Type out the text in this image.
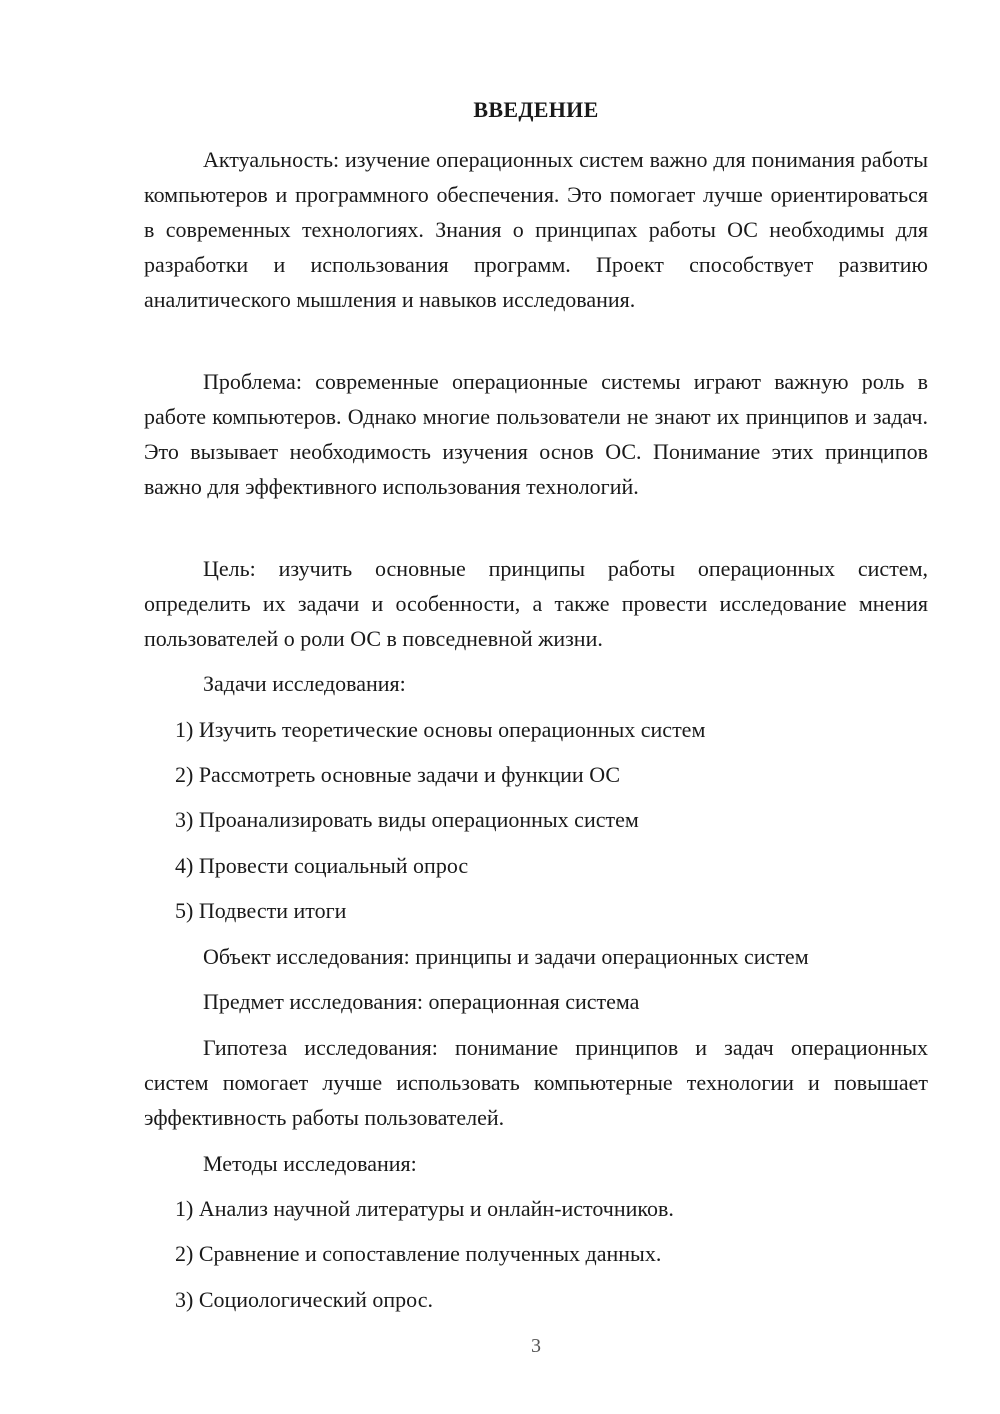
ВВЕДЕНИЕ
Актуальность: изучение операционных систем важно для понимания работы компьютеров и программного обеспечения. Это помогает лучше ориентироваться в современных технологиях. Знания о принципах работы ОС необходимы для разработки и использования программ. Проект способствует развитию аналитического мышления и навыков исследования.
Проблема: современные операционные системы играют важную роль в работе компьютеров. Однако многие пользователи не знают их принципов и задач. Это вызывает необходимость изучения основ ОС. Понимание этих принципов важно для эффективного использования технологий.
Цель: изучить основные принципы работы операционных систем, определить их задачи и особенности, а также провести исследование мнения пользователей о роли ОС в повседневной жизни.
Задачи исследования:
1) Изучить теоретические основы операционных систем
2) Рассмотреть основные задачи и функции ОС
3) Проанализировать виды операционных систем
4) Провести социальный опрос
5) Подвести итоги
Объект исследования: принципы и задачи операционных систем
Предмет исследования: операционная система
Гипотеза исследования: понимание принципов и задач операционных систем помогает лучше использовать компьютерные технологии и повышает эффективность работы пользователей.
Методы исследования:
1) Анализ научной литературы и онлайн-источников.
2) Сравнение и сопоставление полученных данных.
3) Социологический опрос.
3
